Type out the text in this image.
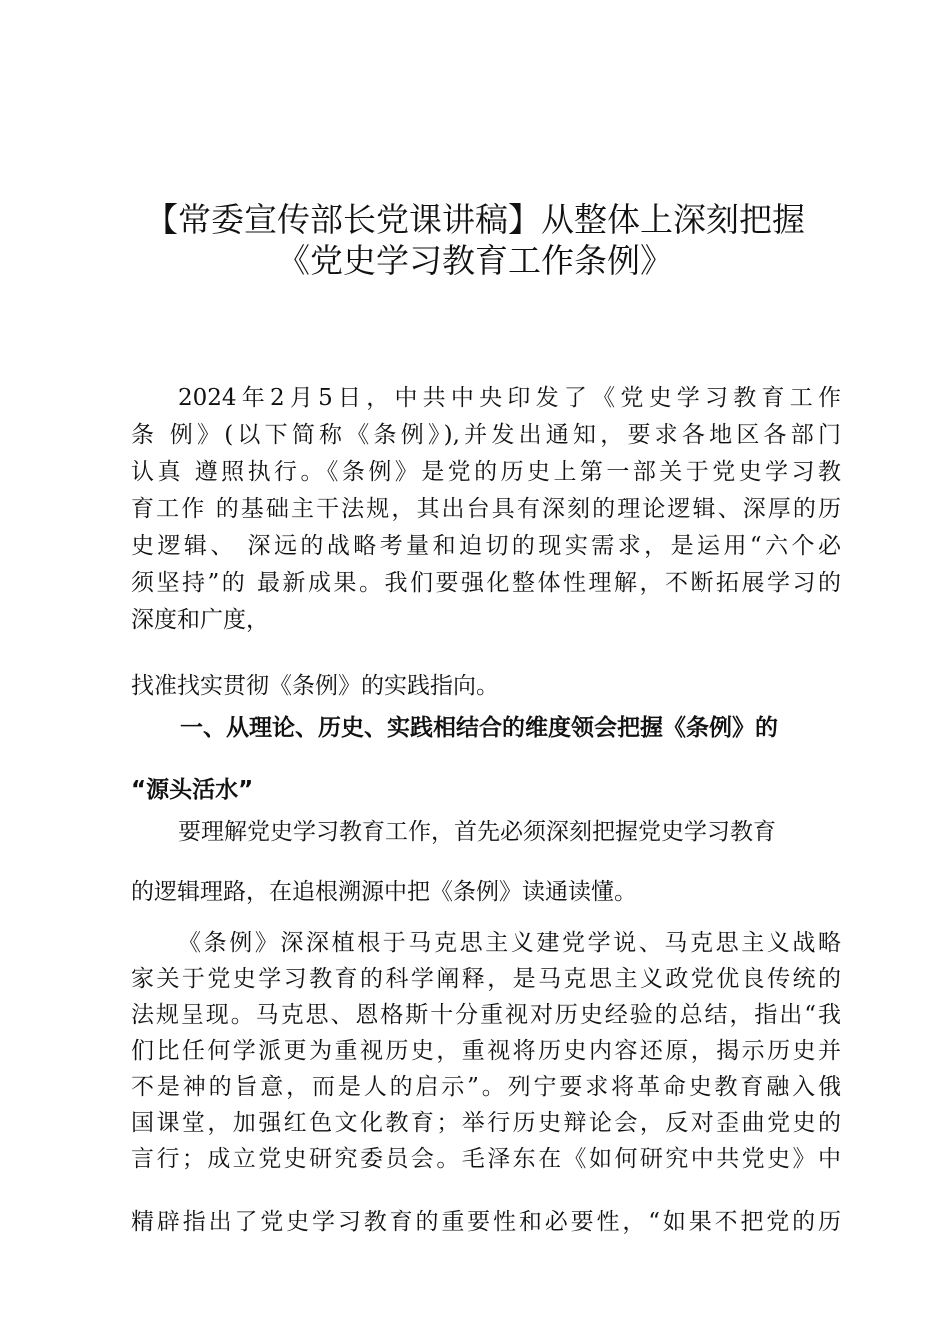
【常委宣传部长党课讲稿】从整体上深刻把握
《党史学习教育工作条例》

2024年2月5日，中共中央印发了《党史学习教育工作

条 例》(以下简称《条例》),并发出通知，要求各地区各部门

认真 遵照执行。《条例》是党的历史上第一部关于党史学习教

育工作 的基础主干法规，其出台具有深刻的理论逻辑、深厚的历

史逻辑、 深远的战略考量和迫切的现实需求，是运用“六个必

须坚持”的 最新成果。我们要强化整体性理解，不断拓展学习的

深度和广度，

找准找实贯彻《条例》的实践指向。

一、从理论、历史、实践相结合的维度领会把握《条例》的

“源头活水”

要理解党史学习教育工作，首先必须深刻把握党史学习教育

的逻辑理路，在追根溯源中把《条例》读通读懂。

《条例》深深植根于马克思主义建党学说、马克思主义战略

家关于党史学习教育的科学阐释，是马克思主义政党优良传统的

法规呈现。马克思、恩格斯十分重视对历史经验的总结，指出“我

们比任何学派更为重视历史，重视将历史内容还原，揭示历史并

不是神的旨意，而是人的启示”。列宁要求将革命史教育融入俄

国课堂，加强红色文化教育；举行历史辩论会，反对歪曲党史的

言行；成立党史研究委员会。毛泽东在《如何研究中共党史》中

精辟指出了党史学习教育的重要性和必要性，“如果不把党的历
